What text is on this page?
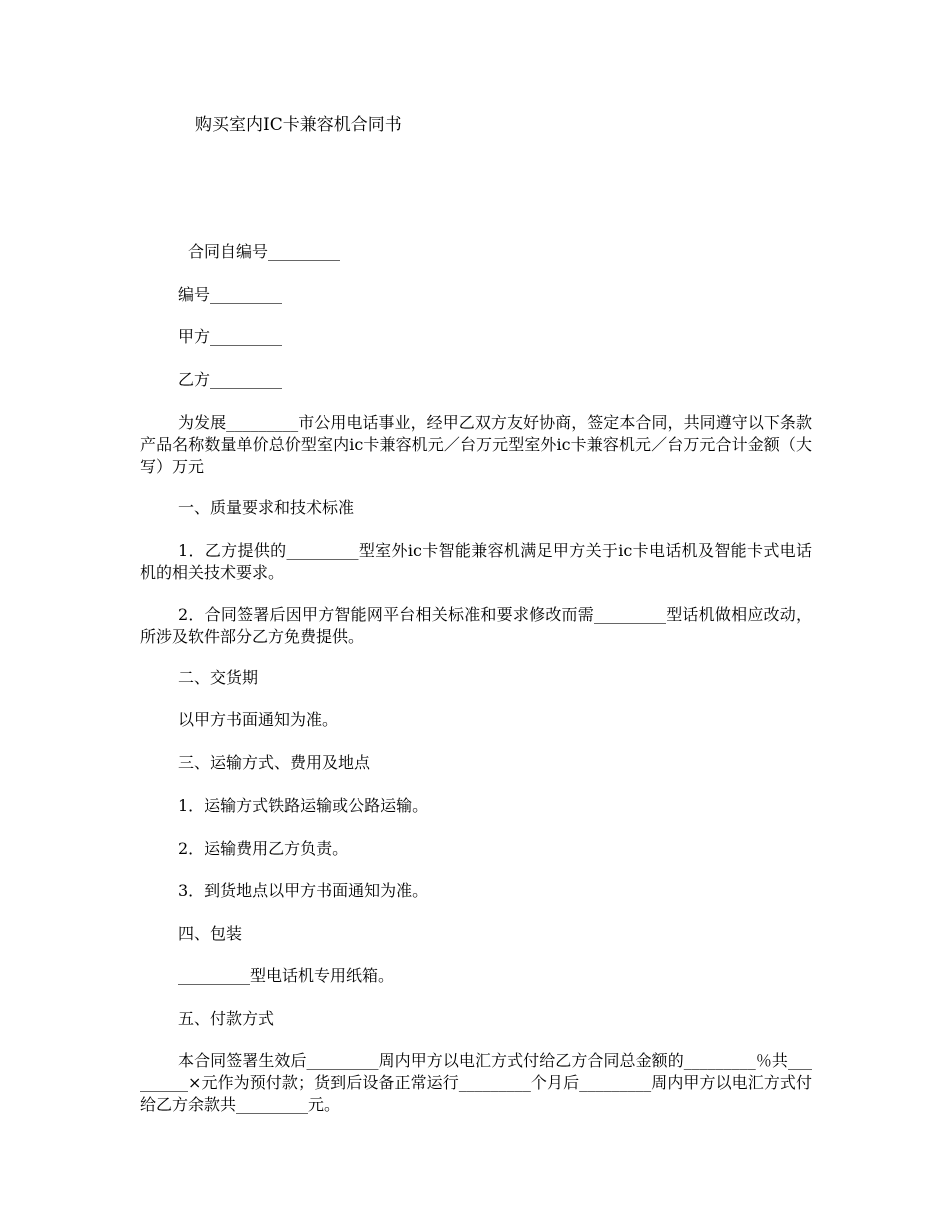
购买室内IC卡兼容机合同书
合同自编号_________
编号_________
甲方_________
乙方_________
为发展_________市公用电话事业，经甲乙双方友好协商，签定本合同，共同遵守以下条款产品名称数量单价总价型室内ic卡兼容机元／台万元型室外ic卡兼容机元／台万元合计金额（大写）万元
一、质量要求和技术标准
1．乙方提供的_________型室外ic卡智能兼容机满足甲方关于ic卡电话机及智能卡式电话机的相关技术要求。
2．合同签署后因甲方智能网平台相关标准和要求修改而需_________型话机做相应改动，所涉及软件部分乙方免费提供。
二、交货期
以甲方书面通知为准。
三、运输方式、费用及地点
1．运输方式铁路运输或公路运输。
2．运输费用乙方负责。
3．到货地点以甲方书面通知为准。
四、包装
_________型电话机专用纸箱。
五、付款方式
本合同签署生效后_________周内甲方以电汇方式付给乙方合同总金额的_________％共_________×元作为预付款；货到后设备正常运行_________个月后_________周内甲方以电汇方式付给乙方余款共_________元。
